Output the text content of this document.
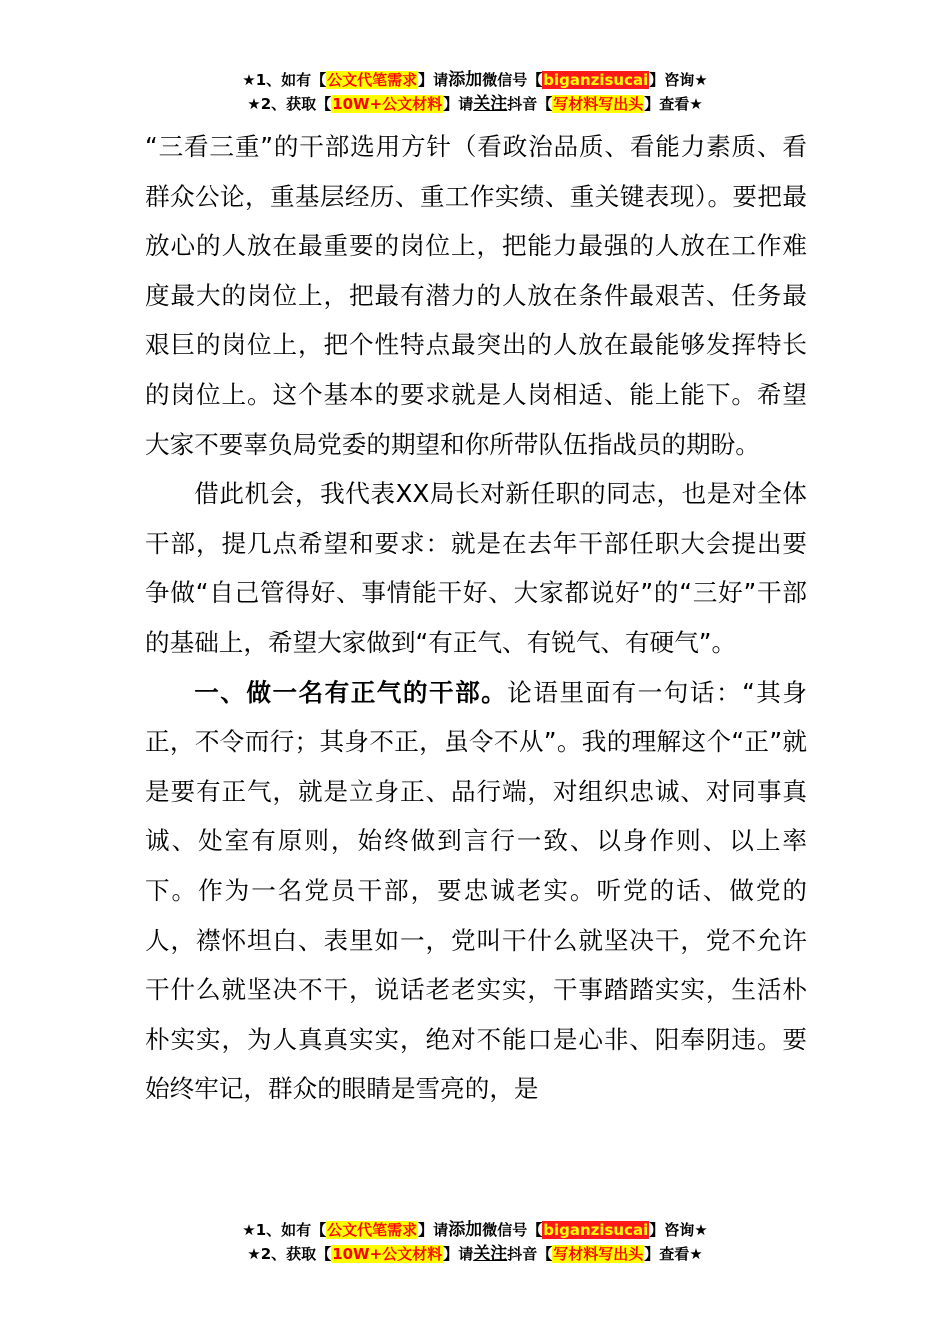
★1、如有【公文代笔需求】请添加微信号【biganzisucai】咨询★
★2、获取【10W+公文材料】请关注抖音【写材料写出头】查看★

“三看三重”的干部选用方针（看政治品质、看能力素质、看群众公论，重基层经历、重工作实绩、重关键表现）。要把最放心的人放在最重要的岗位上，把能力最强的人放在工作难度最大的岗位上，把最有潜力的人放在条件最艰苦、任务最艰巨的岗位上，把个性特点最突出的人放在最能够发挥特长的岗位上。这个基本的要求就是人岗相适、能上能下。希望大家不要辜负局党委的期望和你所带队伍指战员的期盼。

借此机会，我代表XX局长对新任职的同志，也是对全体干部，提几点希望和要求：就是在去年干部任职大会提出要争做“自己管得好、事情能干好、大家都说好”的“三好”干部的基础上，希望大家做到“有正气、有锐气、有硬气”。

一、做一名有正气的干部。论语里面有一句话：“其身正，不令而行；其身不正，虽令不从”。我的理解这个“正”就是要有正气，就是立身正、品行端，对组织忠诚、对同事真诚、处室有原则，始终做到言行一致、以身作则、以上率下。作为一名党员干部，要忠诚老实。听党的话、做党的人，襟怀坦白、表里如一，党叫干什么就坚决干，党不允许干什么就坚决不干，说话老老实实，干事踏踏实实，生活朴朴实实，为人真真实实，绝对不能口是心非、阳奉阴违。要始终牢记，群众的眼睛是雪亮的，是

★1、如有【公文代笔需求】请添加微信号【biganzisucai】咨询★
★2、获取【10W+公文材料】请关注抖音【写材料写出头】查看★
